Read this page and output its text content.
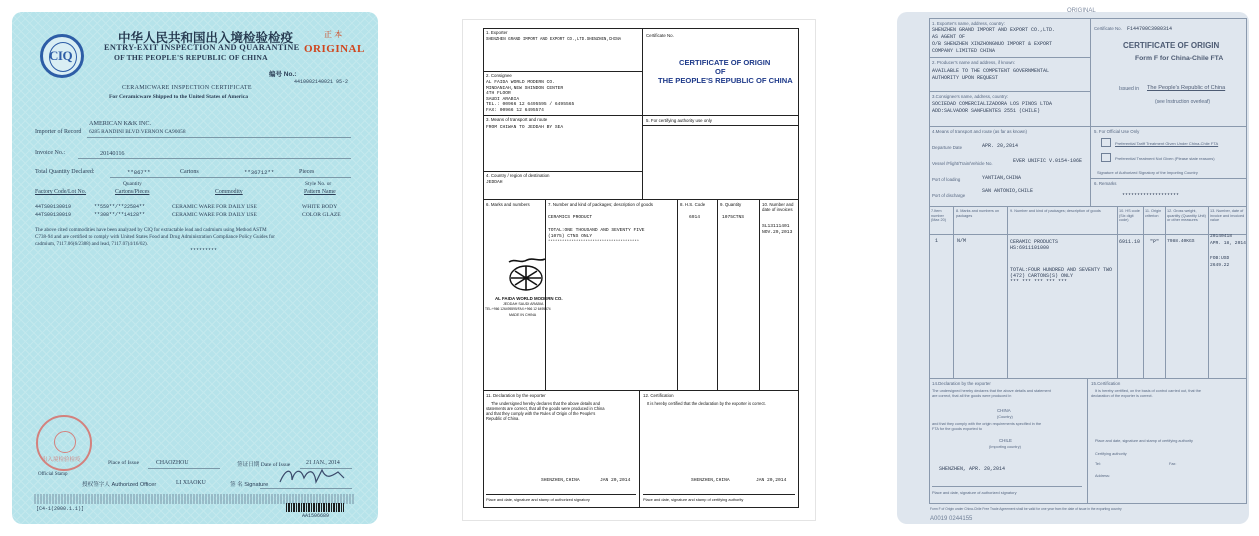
CIQ
中华人民共和国出入境检验检疫
ENTRY-EXIT INSPECTION AND QUARANTINE
OF THE PEOPLE'S REPUBLIC OF CHINA
正 本
ORIGINAL
编号 No.:
4410002140021 95-2
CERAMICWARE INSPECTION CERTIFICATE
For Ceramicware Shipped to the United States of America
Importer of Record
AMERICAN K&K INC.
6285 RANDINI BLVD.VERNON CA90058
Invoice No.:	20140116
Total Quantity Declared:	**867**	Cartons	**36712**	Pieces
Quantity	Style No. or
Factory Code/Lot No.	Cartons/Pieces	Commodity	Pattern Name
44TS00130019	**559**/**22584**	CERAMIC WARE FOR DAILY USE	WHITE BODY
44TS00130019	**308**/**14128**	CERAMIC WARE FOR DAILY USE	COLOR GLAZE
The above cited commodities have been analyzed by CIQ for extractable lead and cadmium using Method ASTM
C738-94 and are certified to comply with United States Food and Drug Administration Compliance Policy Guides for
cadmium, 7117.06(6/2388) and lead, 7117.07(4/16/02).
*********
出入境检验检疫
Official Stamp
Place of Issue	CHAOZHOU	签证日期 Date of Issue	21 JAN., 2014
授权签字人 Authorized Officer	LI XIAOKU	签 名 Signature
[C4-1(2000.1.1)]
AA1506689
1. Exporter
SHENZHEN GRAND IMPORT AND EXPORT CO.,LTD.SHENZHEN,CHINA
Certificate No.
CERTIFICATE OF ORIGIN
OF
THE PEOPLE'S REPUBLIC OF CHINA
2. Consignee
AL FAIDA WORLD MODERN CO.
MINDANIAH,NEW SHINDON CENTER
4TH FLOOR
SAUDI ARABIA
TEL.: 00966 12 6495595 / 6495565
FAX: 00966 12 6495574
3. Means of transport and route
FROM CHIWAN TO JEDDAH BY SEA
5. For certifying authority use only
4. Country / region of destination
JEDDAH
6. Marks and numbers	7. Number and kind of packages; description of goods	8. H.S. Code	9. Quantity	10. Number and date of invoices
CERAMICS PRODUCT
TOTAL:ONE THOUSAND AND SEVENTY FIVE
(1075) CTNS ONLY
***************************************
6914	1075CTNS
SL13111401
NOV.29,2013
AL FAIDA WORLD MODERN CO.
JEDDAH SAUDI ARABIA
TEL:+966 126495595/FAX:+966 12 6495574
MADE IN CHINA
11. Declaration by the exporter
The undersigned hereby declares that the above details and
statements are correct, that all the goods were produced in China
and that they comply with the Rules of Origin of the People's
Republic of China.
SHENZHEN,CHINA	JAN 20,2014
Place and date, signature and stamp of authorized signatory
12. Certification
It is hereby certified that the declaration by the exporter is correct.
SHENZHEN,CHINA	JAN 20,2014
Place and date, signature and stamp of certifying authority
ORIGINAL
1. Exporter's name, address, country:
SHENZHEN GRAND IMPORT AND EXPORT CO.,LTD.
AS AGENT OF
O/B SHENZHEN XINZHONGNUO IMPORT & EXPORT
COMPANY LIMITED CHINA
Certificate No. F144700C3980314
CERTIFICATE OF ORIGIN
Form F for China-Chile FTA
Issued in The People's Republic of China
(see Instruction overleaf)
2. Producer's name and address, if known:
AVAILABLE TO THE COMPETENT GOVERNMENTAL
AUTHORITY UPON REQUEST
3.Consignee's name, address, country:
SOCIEDAD COMERCIALIZADORA LOS PINOS LTDA
ADD:SALVADOR SANFUENTES 2551 (CHILE)
4.Means of transport and route (as far as known)
Departure Date	APR. 20,2014
Vessel /Flight/Train/Vehicle No.	EVER UNIFIC V.0154-106E
Port of loading	YANTIAN,CHINA
Port of discharge
SAN ANTONIO,CHILE
5. For Official Use Only
Preferential Tariff Treatment Given Under China-Chile FTA
Preferential Treatment Not Given (Please state reasons)
Signature of Authorized Signatory of the Importing Country
6. Remarks
*******************
7.Item number (Max 20)
8. Marks and numbers on packages
9. Number and kind of packages; description of goods	10. HS code (Six digit code)
11. Origin criterion
12. Gross weight, quantity (Quantity Unit) or other measures
13. Number, date of invoice and invoiced value
1	N/M	CERAMIC PRODUCTS
HS:6911101000
TOTAL:FOUR HUNDRED AND SEVENTY TWO
(472) CARTONS(S) ONLY
*** *** *** *** ***
6911.10 "P" 7988.40KGS
20140418
APR. 18, 2014
FOB:USD
2649.22
14.Declaration by the exporter
The undersigned hereby declares that the above details and statement
are correct, that all the goods were produced in
CHINA
(Country)
and that they comply with the origin requirements specified in the
FTA for the goods exported to
CHILE
(Importing country)
SHENZHEN, APR. 20,2014
Place and date, signature of authorized signatory
15.Certification
It is hereby certified, on the basis of control carried out, that the
declaration of the exporter is correct.
Place and date, signature and stamp of certifying authority
Certifying authority
Tel:	Fax:
Address:
Form F of Origin under China-Chile Free Trade Agreement shall be valid for one year from the date of issue in the exporting country
A0019 0244155
